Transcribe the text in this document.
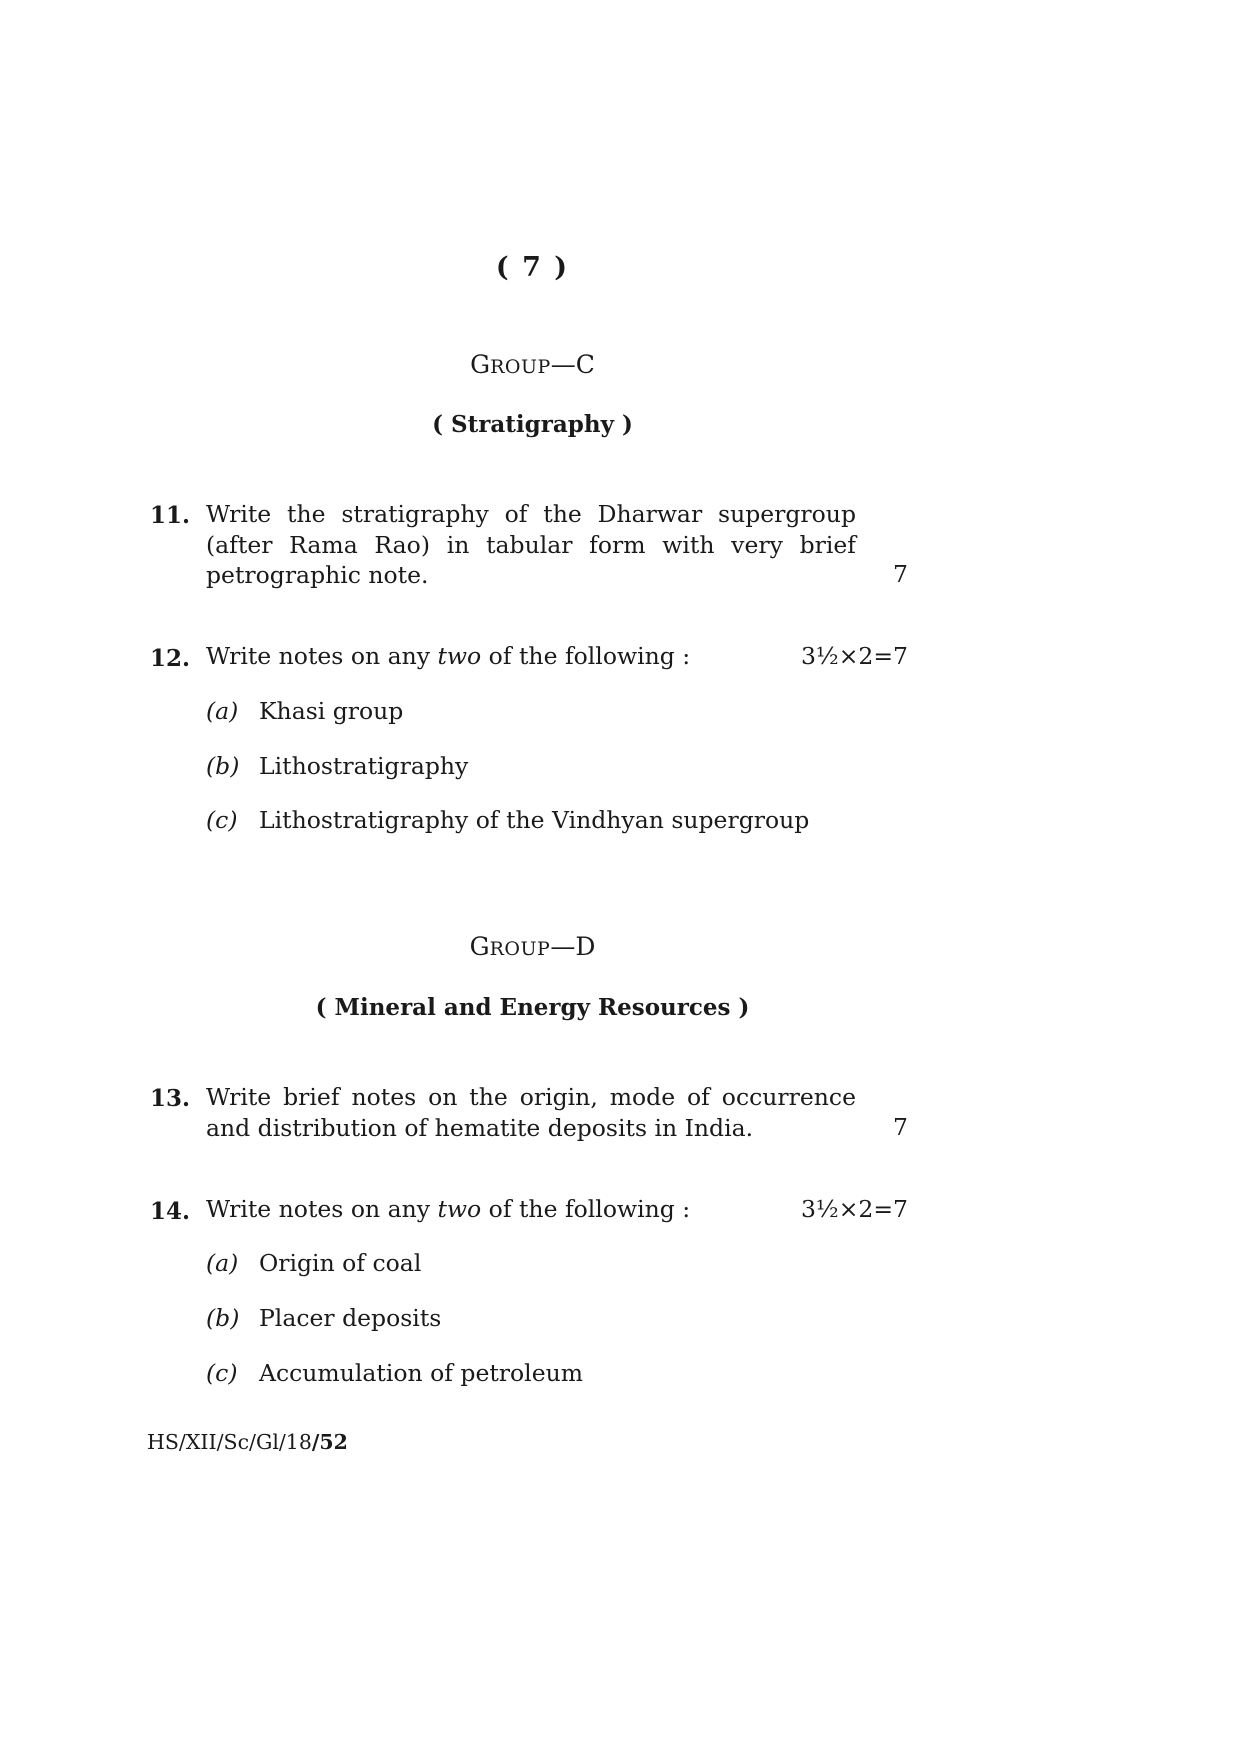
( 7 )
GROUP—C
( Stratigraphy )
11. Write the stratigraphy of the Dharwar supergroup
(after Rama Rao) in tabular form with very brief
petrographic note.	7
12. Write notes on any two of the following :	3½×2=7
(a) Khasi group
(b) Lithostratigraphy
(c) Lithostratigraphy of the Vindhyan supergroup
GROUP—D
( Mineral and Energy Resources )
13. Write brief notes on the origin, mode of occurrence
and distribution of hematite deposits in India.	7
14. Write notes on any two of the following :	3½×2=7
(a) Origin of coal
(b) Placer deposits
(c) Accumulation of petroleum
HS/XII/Sc/Gl/18/52
